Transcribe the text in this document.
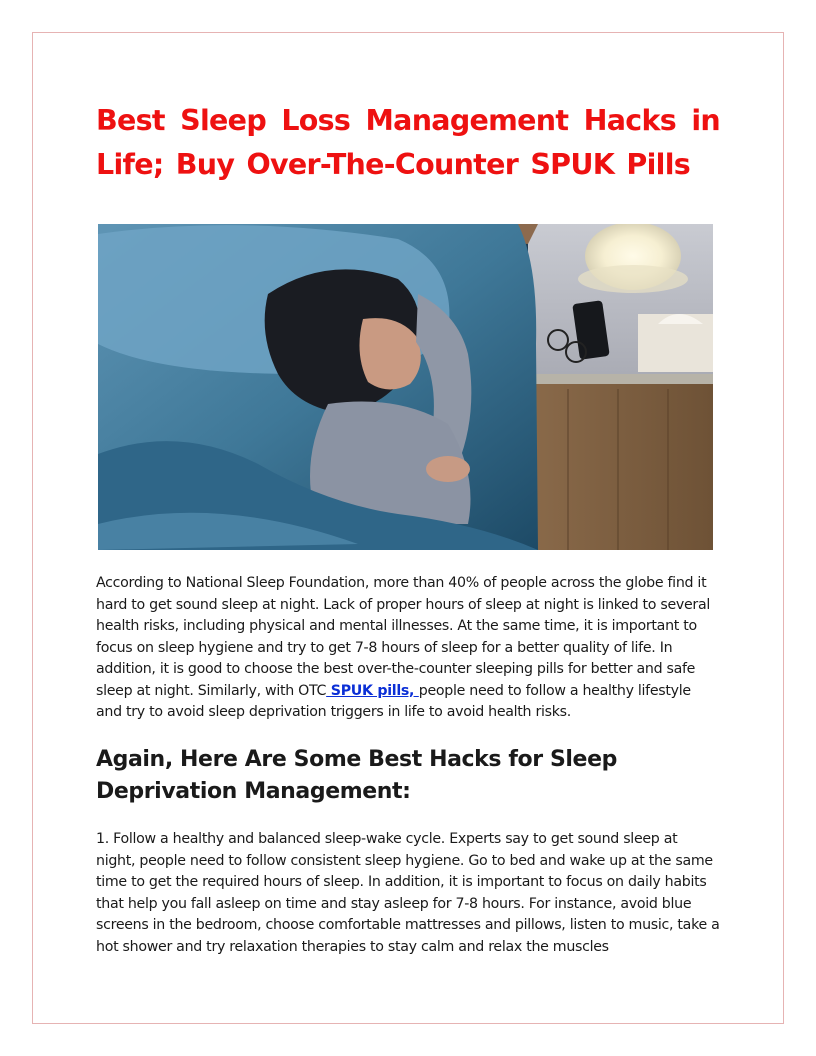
Best Sleep Loss Management Hacks in Life; Buy Over-The-Counter SPUK Pills

According to National Sleep Foundation, more than 40% of people across the globe find it hard to get sound sleep at night. Lack of proper hours of sleep at night is linked to several health risks, including physical and mental illnesses. At the same time, it is important to focus on sleep hygiene and try to get 7-8 hours of sleep for a better quality of life. In addition, it is good to choose the best over-the-counter sleeping pills for better and safe sleep at night. Similarly, with OTC SPUK pills, people need to follow a healthy lifestyle and try to avoid sleep deprivation triggers in life to avoid health risks.

Again, Here Are Some Best Hacks for Sleep Deprivation Management:

1. Follow a healthy and balanced sleep-wake cycle. Experts say to get sound sleep at night, people need to follow consistent sleep hygiene. Go to bed and wake up at the same time to get the required hours of sleep. In addition, it is important to focus on daily habits that help you fall asleep on time and stay asleep for 7-8 hours. For instance, avoid blue screens in the bedroom, choose comfortable mattresses and pillows, listen to music, take a hot shower and try relaxation therapies to stay calm and relax the muscles
